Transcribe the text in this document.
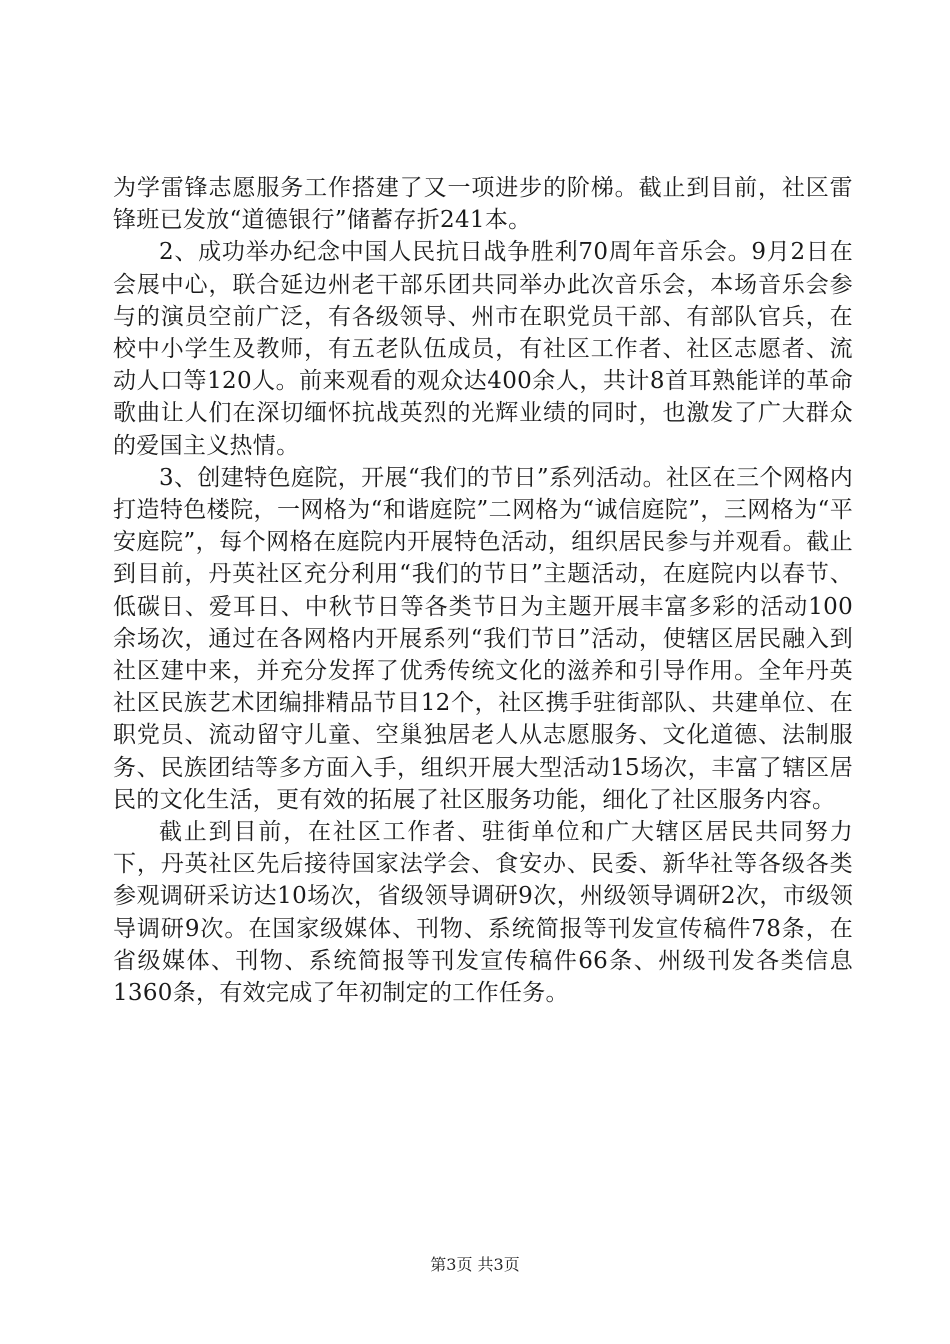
为学雷锋志愿服务工作搭建了又一项进步的阶梯。截止到目前，社区雷锋班已发放“道德银行”储蓄存折241本。

2、成功举办纪念中国人民抗日战争胜利70周年音乐会。9月2日在会展中心，联合延边州老干部乐团共同举办此次音乐会，本场音乐会参与的演员空前广泛，有各级领导、州市在职党员干部、有部队官兵，在校中小学生及教师，有五老队伍成员，有社区工作者、社区志愿者、流动人口等120人。前来观看的观众达400余人，共计8首耳熟能详的革命歌曲让人们在深切缅怀抗战英烈的光辉业绩的同时，也激发了广大群众的爱国主义热情。

3、创建特色庭院，开展“我们的节日”系列活动。社区在三个网格内打造特色楼院，一网格为“和谐庭院”二网格为“诚信庭院”，三网格为“平安庭院”，每个网格在庭院内开展特色活动，组织居民参与并观看。截止到目前，丹英社区充分利用“我们的节日”主题活动，在庭院内以春节、低碳日、爱耳日、中秋节日等各类节日为主题开展丰富多彩的活动100余场次，通过在各网格内开展系列“我们节日”活动，使辖区居民融入到社区建中来，并充分发挥了优秀传统文化的滋养和引导作用。全年丹英社区民族艺术团编排精品节目12个，社区携手驻街部队、共建单位、在职党员、流动留守儿童、空巢独居老人从志愿服务、文化道德、法制服务、民族团结等多方面入手，组织开展大型活动15场次，丰富了辖区居民的文化生活，更有效的拓展了社区服务功能，细化了社区服务内容。

截止到目前，在社区工作者、驻街单位和广大辖区居民共同努力下，丹英社区先后接待国家法学会、食安办、民委、新华社等各级各类参观调研采访达10场次，省级领导调研9次，州级领导调研2次，市级领导调研9次。在国家级媒体、刊物、系统简报等刊发宣传稿件78条，在省级媒体、刊物、系统简报等刊发宣传稿件66条、州级刊发各类信息1360条，有效完成了年初制定的工作任务。

第3页 共3页
